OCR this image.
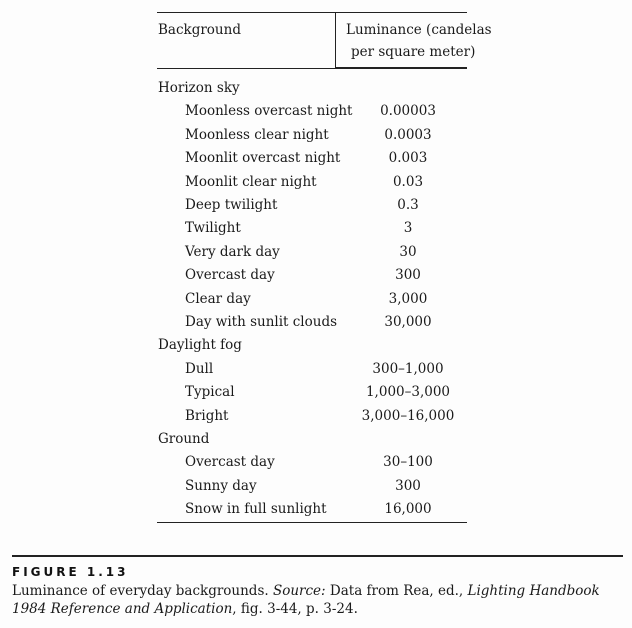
Background	Luminance (candelas
per square meter)
Horizon sky
Moonless overcast night	0.00003
Moonless clear night	0.0003
Moonlit overcast night	0.003
Moonlit clear night	0.03
Deep twilight	0.3
Twilight	3
Very dark day	30
Overcast day	300
Clear day	3,000
Day with sunlit clouds	30,000
Daylight fog
Dull	300–1,000
Typical	1,000–3,000
Bright	3,000–16,000
Ground
Overcast day	30–100
Sunny day	300
Snow in full sunlight	16,000
FIGURE 1.13
Luminance of everyday backgrounds. Source: Data from Rea, ed., Lighting Handbook 1984 Reference and Application, fig. 3-44, p. 3-24.
